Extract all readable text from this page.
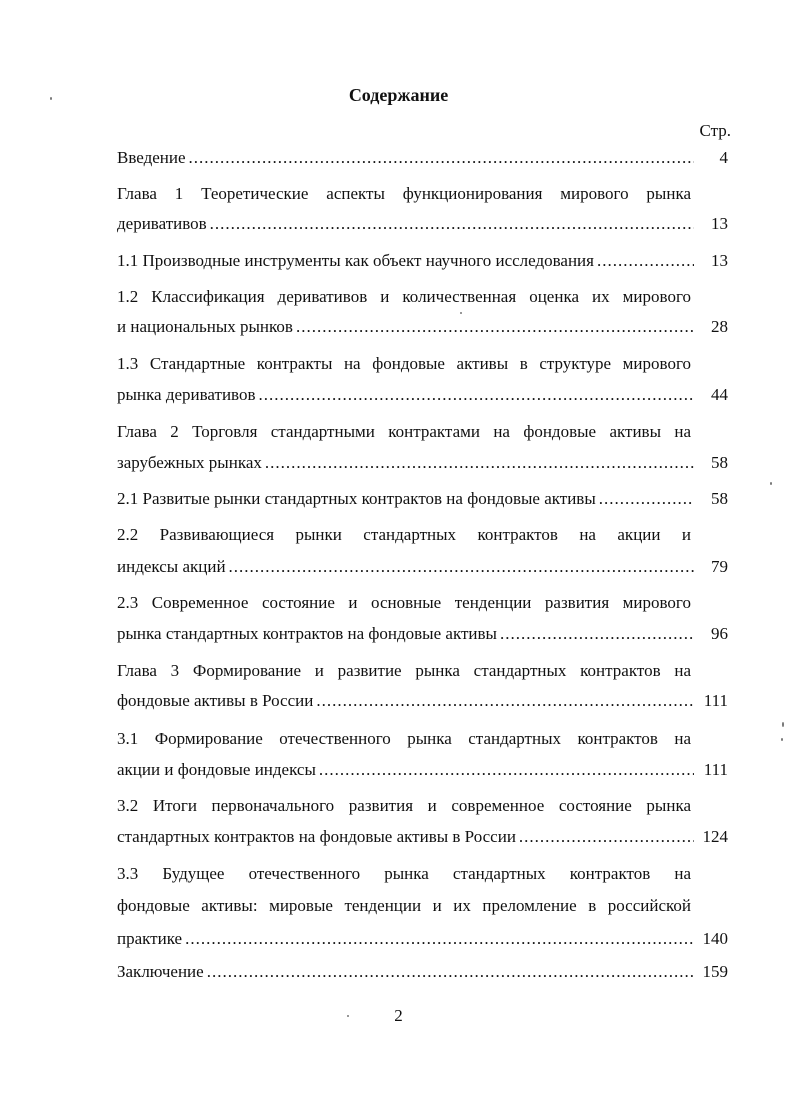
Содержание
Стр.
Введение .....	4
Глава 1 Теоретические аспекты функционирования мирового рынка
деривативов .....	13
1.1 Производные инструменты как объект научного исследования .....	13
1.2 Классификация деривативов и количественная оценка их мирового
и национальных рынков .....	28
1.3 Стандартные контракты на фондовые активы в структуре мирового
рынка деривативов .....	44
Глава 2 Торговля стандартными контрактами на фондовые активы на
зарубежных рынках .....	58
2.1 Развитые рынки стандартных контрактов на фондовые активы .....	58
2.2 Развивающиеся рынки стандартных контрактов на акции и
индексы акций .....	79
2.3 Современное состояние и основные тенденции развития мирового
рынка стандартных контрактов на фондовые активы .....	96
Глава 3 Формирование и развитие рынка стандартных контрактов на
фондовые активы в России .....	111
3.1 Формирование отечественного рынка стандартных контрактов на
акции и фондовые индексы .....	111
3.2 Итоги первоначального развития и современное состояние рынка
стандартных контрактов на фондовые активы в России .....	124
3.3 Будущее отечественного рынка стандартных контрактов на
фондовые активы: мировые тенденции и их преломление в российской
практике .....	140
Заключение .....	159
2
